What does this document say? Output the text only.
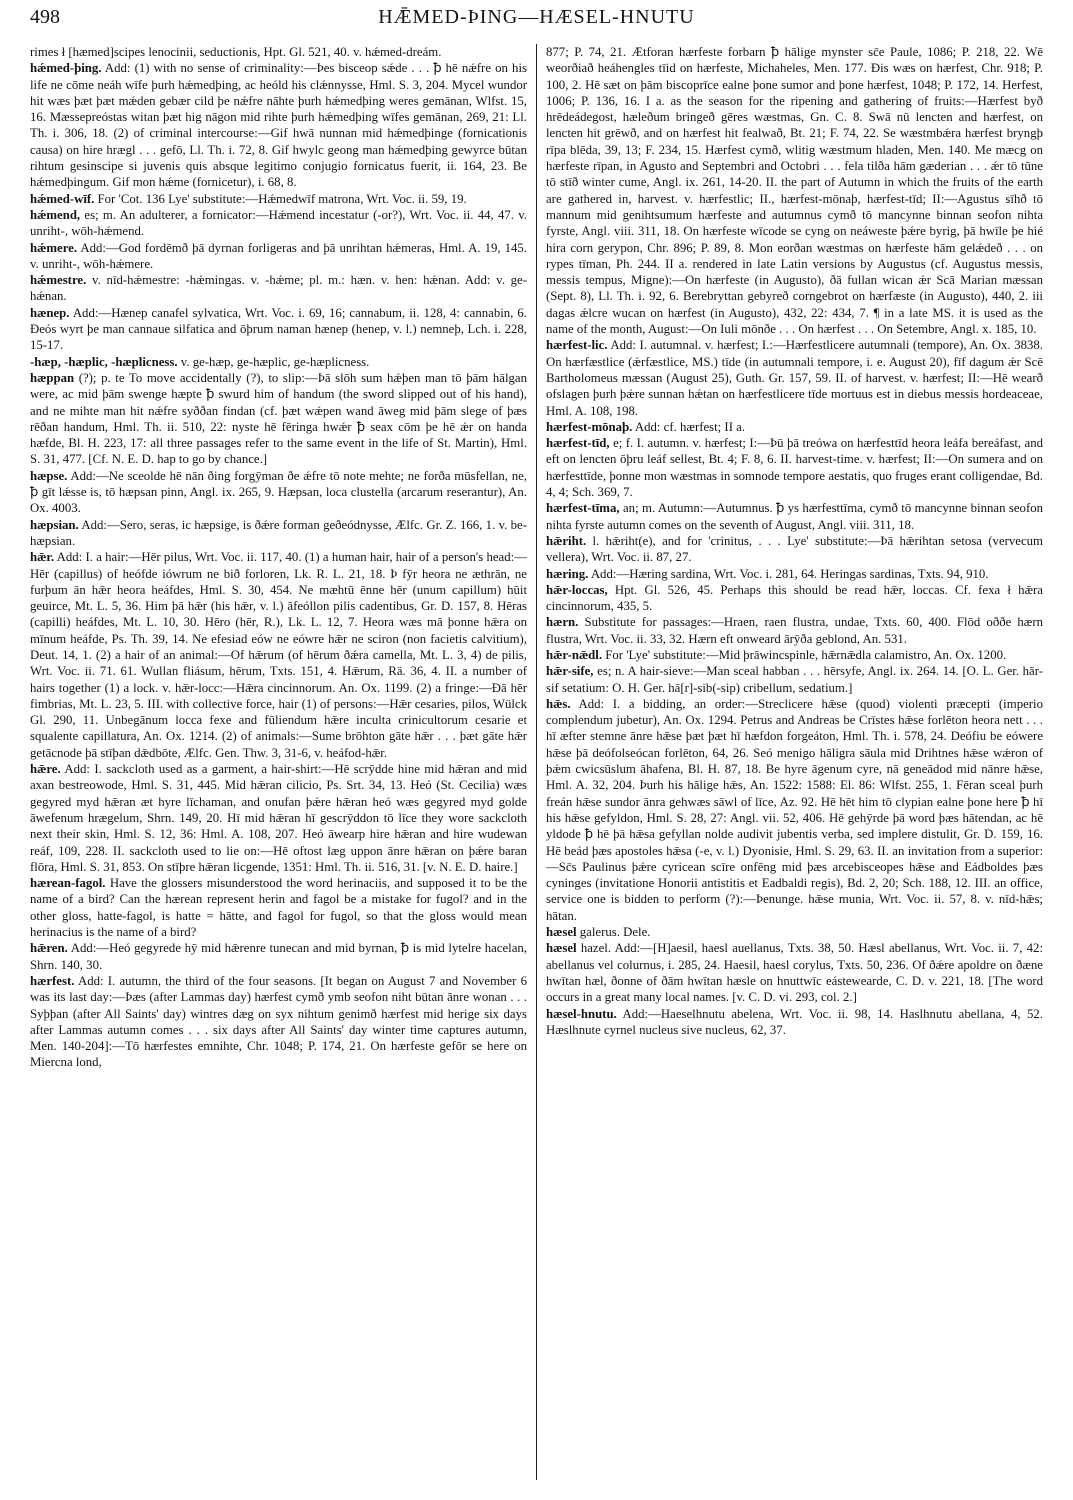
498	HǢMED-ÞING—HÆSEL-HNUTU

rimes ł [hæmed]scipes lenocinii, seductionis, Hpt. Gl. 521, 40. v. hǽmed-dreám.

hǽmed-þing. Add: (1) with no sense of criminality:—Þes bisceop sǽde . . . ꝥ hē nǽfre on his life ne cōme neáh wīfe þurh hǽmedþing, ac heóld his clǽnnysse, Hml. S. 3, 204. Mycel wundor hit wæs þæt þæt mǽden gebær cild þe nǽfre nāhte þurh hǽmedþing weres gemānan, Wlfst. 15, 16. Mæssepreóstas witan þæt hig nāgon mid rihte þurh hǽmedþing wīfes gemānan, 269, 21: Ll. Th. i. 306, 18. (2) of criminal intercourse:—Gif hwā nunnan mid hǽmedþinge (fornicationis causa) on hire hrægl . . . gefō, Ll. Th. i. 72, 8. Gif hwylc geong man hǽmedþing gewyrce būtan rihtum gesinscipe si juvenis quis absque legitimo conjugio fornicatus fuerit, ii. 164, 23. Be hǽmedþingum. Gif mon hǽme (fornicetur), i. 68, 8.

hǽmed-wīf. For 'Cot. 136 Lye' substitute:—Hǽmedwīf matrona, Wrt. Voc. ii. 59, 19.

hǽmend, es; m. An adulterer, a fornicator:—Hǽmend incestatur (-or?), Wrt. Voc. ii. 44, 47. v. unriht-, wōh-hǽmend.

hǽmere. Add:—God fordēmð þā dyrnan forligeras and þā unrihtan hǽmeras, Hml. A. 19, 145. v. unriht-, wōh-hǽmere.

hǽmestre. v. nīd-hǽmestre: -hǽmingas. v. -hǽme; pl. m.: hæn. v. hen: hǽnan. Add: v. ge-hǽnan.

hænep. Add:—Hænep canafel sylvatica, Wrt. Voc. i. 69, 16; cannabum, ii. 128, 4: cannabin, 6. Ðeós wyrt þe man cannaue silfatica and ōþrum naman hænep (henep, v. l.) nemneþ, Lch. i. 228, 15-17.

-hæp, -hæplic, -hæplicness. v. ge-hæp, ge-hæplic, ge-hæplicness.

hæppan (?); p. te To move accidentally (?), to slip:—Þā slōh sum hǽþen man tō þām hālgan were, ac mid þām swenge hæpte ꝥ swurd him of handum (the sword slipped out of his hand), and ne mihte man hit nǽfre syððan findan (cf. þæt wǽpen wand āweg mid þām slege of þæs rēðan handum, Hml. Th. ii. 510, 22: nyste hē fēringa hwǽr ꝥ seax cōm þe hē ǽr on handa hæfde, Bl. H. 223, 17: all three passages refer to the same event in the life of St. Martin), Hml. S. 31, 477. [Cf. N. E. D. hap to go by chance.]

hæpse. Add:—Ne sceolde hē nān ðing forgȳman ðe ǽfre tō note mehte; ne forða mūsfellan, ne, ꝥ gīt lǽsse is, tō hæpsan pinn, Angl. ix. 265, 9. Hæpsan, loca clustella (arcarum reserantur), An. Ox. 4003.

hæpsian. Add:—Sero, seras, ic hæpsige, is ðǽre forman geðeódnysse, Ælfc. Gr. Z. 166, 1. v. be-hæpsian.

hǣr. Add: I. a hair:—Hēr pilus, Wrt. Voc. ii. 117, 40. (1) a human hair, hair of a person's head:—Hēr (capillus) of heófde iówrum ne bið forloren, Lk. R. L. 21, 18. Þ fȳr heora ne æthrān, ne furþum ān hǣr heora heáfdes, Hml. S. 30, 454. Ne mæhtū ēnne hēr (unum capillum) hūit geuirce, Mt. L. 5, 36. Him þā hǣr (his hǣr, v. l.) āfeóllon pilis cadentibus, Gr. D. 157, 8. Hēras (capilli) heáfdes, Mt. L. 10, 30. Hēro (hēr, R.), Lk. L. 12, 7. Heora wæs mā þonne hǣra on mīnum heáfde, Ps. Th. 39, 14. Ne efesiad eów ne eówre hǣr ne sciron (non facietis calvitium), Deut. 14, 1. (2) a hair of an animal:—Of hǣrum (of hērum ðǽra camella, Mt. L. 3, 4) de pilis, Wrt. Voc. ii. 71. 61. Wullan fliásum, hērum, Txts. 151, 4. Hǣrum, Rä. 36, 4. II. a number of hairs together (1) a lock. v. hǣr-locc:—Hǣra cincinnorum. An. Ox. 1199. (2) a fringe:—Ðā hēr fimbrias, Mt. L. 23, 5. III. with collective force, hair (1) of persons:—Hǣr cesaries, pilos, Wülck Gl. 290, 11. Unbegānum locca fexe and fūliendum hǣre inculta crinicultorum cesarie et squalente capillatura, An. Ox. 1214. (2) of animals:—Sume brōhton gāte hǣr . . . þæt gāte hǣr getācnode þā stīþan dǣdbōte, Ælfc. Gen. Thw. 3, 31-6, v. heáfod-hǣr.

hǣre. Add: I. sackcloth used as a garment, a hair-shirt:—Hē scrȳdde hine mid hǣran and mid axan bestreowode, Hml. S. 31, 445. Mid hǣran cilicio, Ps. Srt. 34, 13. Heó (St. Cecilia) wæs gegyred myd hǣran æt hyre līchaman, and onufan þǽre hǣran heó wæs gegyred myd golde āwefenum hrægelum, Shrn. 149, 20. Hī mid hǣran hī gescrȳddon tō līce they wore sackcloth next their skin, Hml. S. 12, 36: Hml. A. 108, 207. Heó āwearp hire hǣran and hire wudewan reáf, 109, 228. II. sackcloth used to lie on:—Hē oftost læg uppon ānre hǣran on þǽre baran flōra, Hml. S. 31, 853. On stīþre hǣran licgende, 1351: Hml. Th. ii. 516, 31. [v. N. E. D. haire.]

hærean-fagol. Have the glossers misunderstood the word herinaciis, and supposed it to be the name of a bird? Can the hærean represent herin and fagol be a mistake for fugol? and in the other gloss, hatte-fagol, is hatte = hātte, and fagol for fugol, so that the gloss would mean herinacius is the name of a bird?

hǣren. Add:—Heó gegyrede hȳ mid hǣrenre tunecan and mid byrnan, ꝥ is mid lytelre hacelan, Shrn. 140, 30.

hærfest. Add: I. autumn, the third of the four seasons. [It began on August 7 and November 6 was its last day:—Þæs (after Lammas day) hærfest cymð ymb seofon niht būtan ānre wonan . . . Syþþan (after All Saints' day) wintres dæg on syx nihtum genimð hærfest mid herige six days after Lammas autumn comes . . . six days after All Saints' day winter time captures autumn, Men. 140-204]:—Tō hærfestes emnihte, Chr. 1048; P. 174, 21. On hærfeste gefōr se here on Miercna lond,

877; P. 74, 21. Ætforan hærfeste forbarn ꝥ hālige mynster sc̄e Paule, 1086; P. 218, 22. Wē weorðiað heáhengles tīid on hærfeste, Michaheles, Men. 177. Ðis wæs on hærfest, Chr. 918; P. 100, 2. Hē sæt on þām biscoprīce ealne þone sumor and þone hærfest, 1048; P. 172, 14. Herfest, 1006; P. 136, 16. I a. as the season for the ripening and gathering of fruits:—Hærfest byð hrēdeádegost, hæleðum bringeð gēres wæstmas, Gn. C. 8. Swā nū lencten and hærfest, on lencten hit grēwð, and on hærfest hit fealwað, Bt. 21; F. 74, 22. Se wæstmbǽra hærfest bryngþ rīpa blēda, 39, 13; F. 234, 15. Hærfest cymð, wlitig wæstmum hladen, Men. 140. Me mæcg on hærfeste rīpan, in Agusto and Septembri and Octobri . . . fela tilða hām gæderian . . . ǽr tō tūne tō stīð winter cume, Angl. ix. 261, 14-20. II. the part of Autumn in which the fruits of the earth are gathered in, harvest. v. hærfestlic; II., hærfest-mōnaþ, hærfest-tīd; II:—Agustus sīhð tō mannum mid genihtsumum hærfeste and autumnus cymð tō mancynne binnan seofon nihta fyrste, Angl. viii. 311, 18. On hærfeste wīcode se cyng on neáweste þǽre byrig, þā hwīle þe hié hira corn gerypon, Chr. 896; P. 89, 8. Mon eorðan wæstmas on hærfeste hām gelǽdeð . . . on rypes tīman, Ph. 244. II a. rendered in late Latin versions by Augustus (cf. Augustus messis, messis tempus, Migne):—On hærfeste (in Augusto), ðā fullan wican ǽr Scā Marian mæssan (Sept. 8), Ll. Th. i. 92, 6. Berebryttan gebyreð corngebrot on hærfæste (in Augusto), 440, 2. iii dagas ǽlcre wucan on hærfest (in Augusto), 432, 22: 434, 7. ¶ in a late MS. it is used as the name of the month, August:—On Iuli mōnðe . . . On hærfest . . . On Setembre, Angl. x. 185, 10.

hærfest-lic. Add: I. autumnal. v. hærfest; I.:—Hærfestlicere autumnali (tempore), An. Ox. 3838. On hærfæstlice (ǽrfæstlice, MS.) tīde (in autumnali tempore, i. e. August 20), fīf dagum ǽr Scē Bartholomeus mæssan (August 25), Guth. Gr. 157, 59. II. of harvest. v. hærfest; II:—Hē wearð ofslagen þurh þǽre sunnan hǽtan on hærfestlicere tīde mortuus est in diebus messis hordeaceae, Hml. A. 108, 198.

hærfest-mōnaþ. Add: cf. hærfest; II a.

hærfest-tīd, e; f. I. autumn. v. hærfest; I:—Þū þā treówa on hærfesttīd heora leáfa bereáfast, and eft on lencten ōþru leáf sellest, Bt. 4; F. 8, 6. II. harvest-time. v. hærfest; II:—On sumera and on hærfesttīde, þonne mon wæstmas in somnode tempore aestatis, quo fruges erant colligendae, Bd. 4, 4; Sch. 369, 7.

hærfest-tīma, an; m. Autumn:—Autumnus. ꝥ ys hærfesttīma, cymð tō mancynne binnan seofon nihta fyrste autumn comes on the seventh of August, Angl. viii. 311, 18.

hǣriht. l. hǣriht(e), and for 'crinitus, . . . Lye' substitute:—Þā hǣrihtan setosa (vervecum vellera), Wrt. Voc. ii. 87, 27.

hæring. Add:—Hæring sardina, Wrt. Voc. i. 281, 64. Heringas sardinas, Txts. 94, 910.

hǣr-loccas, Hpt. Gl. 526, 45. Perhaps this should be read hǣr, loccas. Cf. fexa ł hǣra cincinnorum, 435, 5.

hærn. Substitute for passages:—Hraen, raen flustra, undae, Txts. 60, 400. Flōd oððe hærn flustra, Wrt. Voc. ii. 33, 32. Hærn eft onweard ārȳða geblond, An. 531.

hǣr-nǣdl. For 'Lye' substitute:—Mid þrāwincspinle, hǣrnǣdla calamistro, An. Ox. 1200.

hǣr-sife, es; n. A hair-sieve:—Man sceal habban . . . hērsyfe, Angl. ix. 264. 14. [O. L. Ger. hār-sif setatium: O. H. Ger. hā[r]-sib(-sip) cribellum, sedatium.]

hǣs. Add: I. a bidding, an order:—Streclicere hǣse (quod) violenti præcepti (imperio complendum jubetur), An. Ox. 1294. Petrus and Andreas be Crīstes hǣse forlēton heora nett . . . hī æfter stemne ānre hǣse þæt þæt hī hæfdon forgeáton, Hml. Th. i. 578, 24. Deófiu be eówere hǣse þā deófolseócan forlēton, 64, 26. Seó menigo hāligra sāula mid Drihtnes hǣse wǽron of þǽm cwicsūslum āhafena, Bl. H. 87, 18. Be hyre āgenum cyre, nā geneādod mid nānre hǣse, Hml. A. 32, 204. Þurh his hālige hǣs, An. 1522: 1588: El. 86: Wlfst. 255, 1. Fēran sceal þurh freán hǣse sundor ānra gehwæs sāwl of līce, Az. 92. Hē hēt him tō clypian ealne þone here ꝥ hī his hǣse gefyldon, Hml. S. 28, 27: Angl. vii. 52, 406. Hē gehȳrde þā word þæs hātendan, ac hē yldode ꝥ hē þā hǣsa gefyllan nolde audivit jubentis verba, sed implere distulit, Gr. D. 159, 16. Hē beád þæs apostoles hǣsa (-e, v. l.) Dyonisie, Hml. S. 29, 63. II. an invitation from a superior:—Sc̄s Paulinus þǽre cyricean scīre onfēng mid þæs arcebisceopes hǣse and Eádboldes þæs cyninges (invitatione Honorii antistitis et Eadbaldi regis), Bd. 2, 20; Sch. 188, 12. III. an office, service one is bidden to perform (?):—Þenunge. hǣse munia, Wrt. Voc. ii. 57, 8. v. nīd-hǣs; hātan.

hæsel galerus. Dele.

hæsel hazel. Add:—[H]aesil, haesl auellanus, Txts. 38, 50. Hæsl abellanus, Wrt. Voc. ii. 7, 42: abellanus vel colurnus, i. 285, 24. Haesil, haesl corylus, Txts. 50, 236. Of ðǽre apoldre on ðæne hwītan hæl, ðonne of ðām hwītan hæsle on hnuttwīc eástewearde, C. D. v. 221, 18. [The word occurs in a great many local names. [v. C. D. vi. 293, col. 2.]

hæsel-hnutu. Add:—Haeselhnutu abelena, Wrt. Voc. ii. 98, 14. Haslhnutu abellana, 4, 52. Hæslhnute cyrnel nucleus sive nucleus, 62, 37.
